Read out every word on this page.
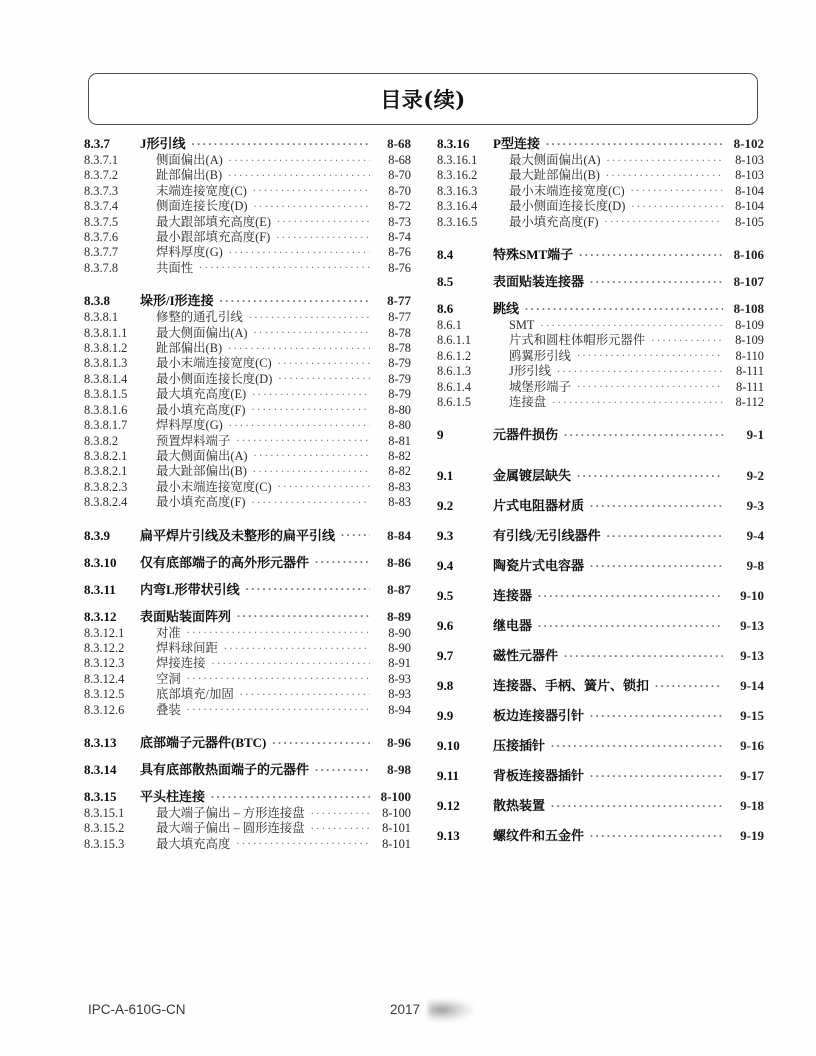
目录(续)
8.3.7	J形引线 .....	8-68
8.3.7.1	侧面偏出(A) .....	8-68
8.3.7.2	趾部偏出(B) .....	8-70
8.3.7.3	末端连接宽度(C) .....	8-70
8.3.7.4	侧面连接长度(D) .....	8-72
8.3.7.5	最大跟部填充高度(E) .....	8-73
8.3.7.6	最小跟部填充高度(F) .....	8-74
8.3.7.7	焊料厚度(G) .....	8-76
8.3.7.8	共面性 .....	8-76
8.3.8	垛形/I形连接 .....	8-77
8.3.8.1	修整的通孔引线 .....	8-77
8.3.8.1.1	最大侧面偏出(A) .....	8-78
8.3.8.1.2	趾部偏出(B) .....	8-78
8.3.8.1.3	最小末端连接宽度(C) .....	8-79
8.3.8.1.4	最小侧面连接长度(D) .....	8-79
8.3.8.1.5	最大填充高度(E) .....	8-79
8.3.8.1.6	最小填充高度(F) .....	8-80
8.3.8.1.7	焊料厚度(G) .....	8-80
8.3.8.2	预置焊料端子 .....	8-81
8.3.8.2.1	最大侧面偏出(A) .....	8-82
8.3.8.2.1	最大趾部偏出(B) .....	8-82
8.3.8.2.3	最小末端连接宽度(C) .....	8-83
8.3.8.2.4	最小填充高度(F) .....	8-83
8.3.9	扁平焊片引线及未整形的扁平引线 .....	8-84
8.3.10	仅有底部端子的高外形元器件 .....	8-86
8.3.11	内弯L形带状引线 .....	8-87
8.3.12	表面贴装面阵列 .....	8-89
8.3.12.1	对准 .....	8-90
8.3.12.2	焊料球间距 .....	8-90
8.3.12.3	焊接连接 .....	8-91
8.3.12.4	空洞 .....	8-93
8.3.12.5	底部填充/加固 .....	8-93
8.3.12.6	叠装 .....	8-94
8.3.13	底部端子元器件(BTC) .....	8-96
8.3.14	具有底部散热面端子的元器件 .....	8-98
8.3.15	平头柱连接 .....	8-100
8.3.15.1	最大端子偏出 – 方形连接盘 .....	8-100
8.3.15.2	最大端子偏出 – 圆形连接盘 .....	8-101
8.3.15.3	最大填充高度 .....	8-101
8.3.16	P型连接 .....	8-102
8.3.16.1	最大侧面偏出(A) .....	8-103
8.3.16.2	最大趾部偏出(B) .....	8-103
8.3.16.3	最小末端连接宽度(C) .....	8-104
8.3.16.4	最小侧面连接长度(D) .....	8-104
8.3.16.5	最小填充高度(F) .....	8-105
8.4	特殊SMT端子 .....	8-106
8.5	表面贴装连接器 .....	8-107
8.6	跳线 .....	8-108
8.6.1	SMT .....	8-109
8.6.1.1	片式和圆柱体帽形元器件 .....	8-109
8.6.1.2	鸥翼形引线 .....	8-110
8.6.1.3	J形引线 .....	8-111
8.6.1.4	城堡形端子 .....	8-111
8.6.1.5	连接盘 .....	8-112
9	元器件损伤 .....	9-1
9.1	金属镀层缺失 .....	9-2
9.2	片式电阻器材质 .....	9-3
9.3	有引线/无引线器件 .....	9-4
9.4	陶瓷片式电容器 .....	9-8
9.5	连接器 .....	9-10
9.6	继电器 .....	9-13
9.7	磁性元器件 .....	9-13
9.8	连接器、手柄、簧片、锁扣 .....	9-14
9.9	板边连接器引针 .....	9-15
9.10	压接插针 .....	9-16
9.11	背板连接器插针 .....	9-17
9.12	散热装置 .....	9-18
9.13	螺纹件和五金件 .....	9-19
IPC-A-610G-CN	2017
